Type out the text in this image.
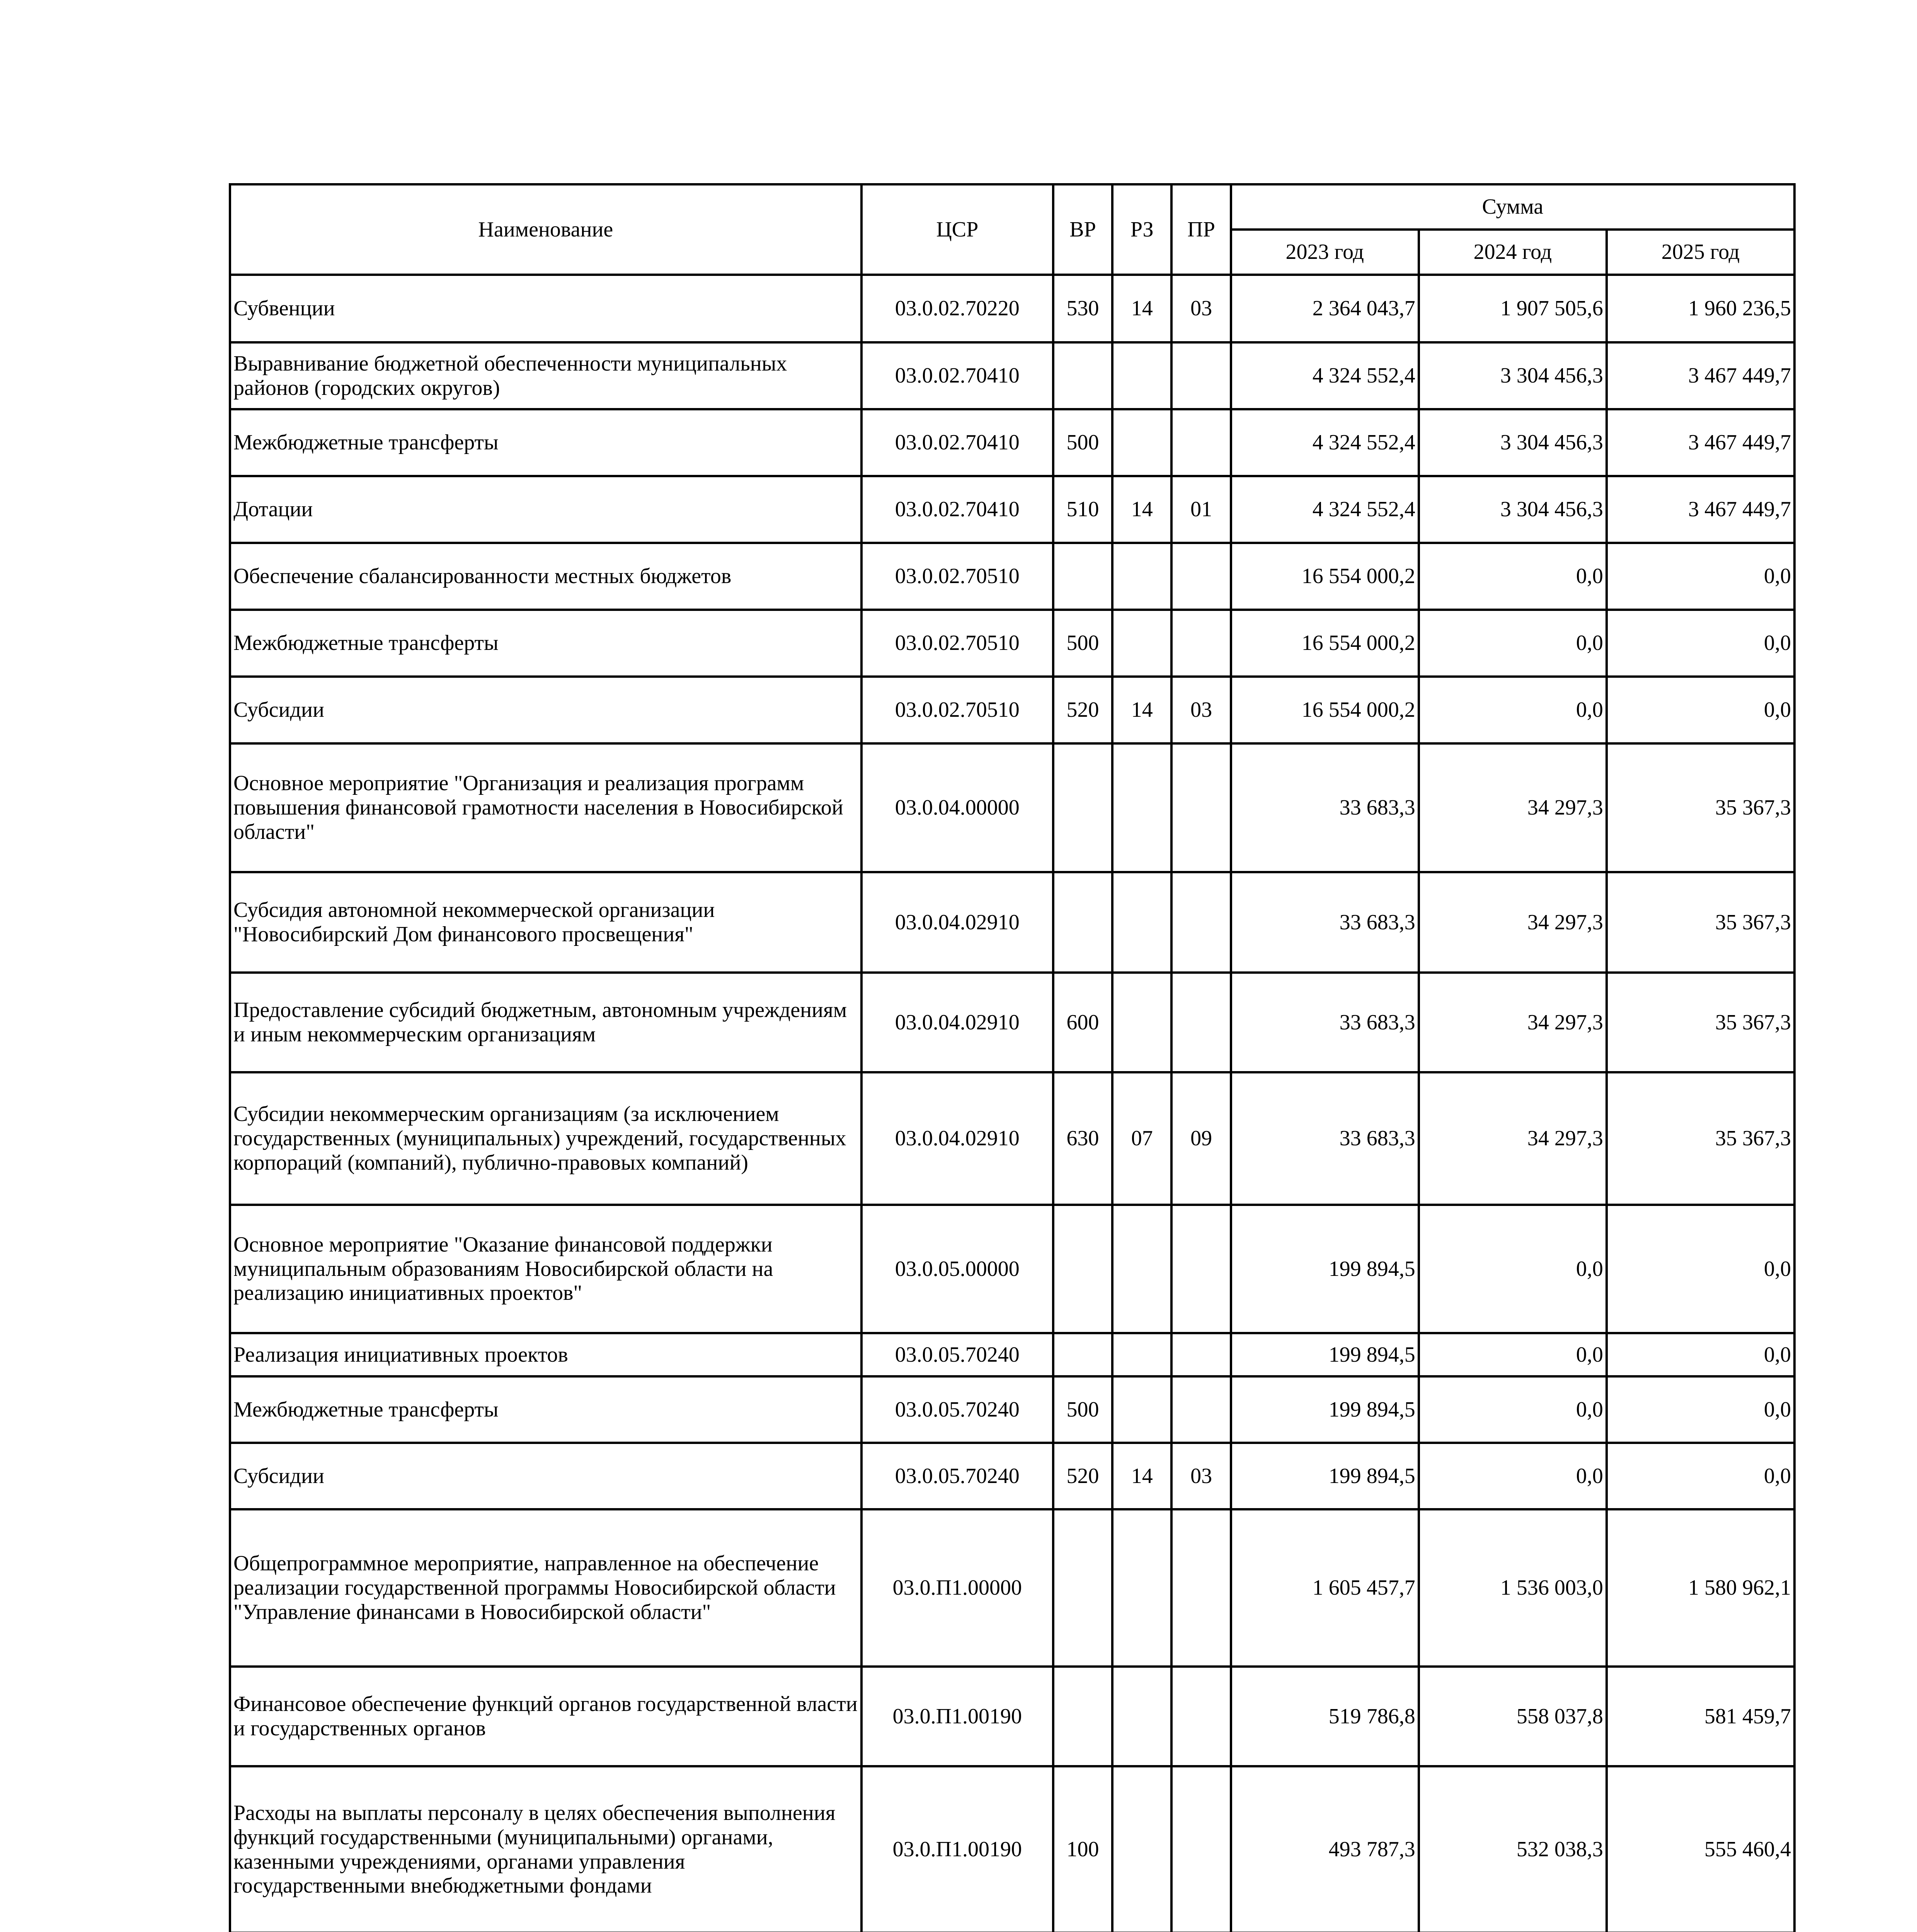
Наименование	ЦСР	ВР	РЗ	ПР	Сумма		
					2023 год	2024 год	2025 год
Субвенции	03.0.02.70220	530	14	03	2 364 043,7	1 907 505,6	1 960 236,5
Выравнивание бюджетной обеспеченности муниципальных районов (городских округов)	03.0.02.70410				4 324 552,4	3 304 456,3	3 467 449,7
Межбюджетные трансферты	03.0.02.70410	500			4 324 552,4	3 304 456,3	3 467 449,7
Дотации	03.0.02.70410	510	14	01	4 324 552,4	3 304 456,3	3 467 449,7
Обеспечение сбалансированности местных бюджетов	03.0.02.70510				16 554 000,2	0,0	0,0
Межбюджетные трансферты	03.0.02.70510	500			16 554 000,2	0,0	0,0
Субсидии	03.0.02.70510	520	14	03	16 554 000,2	0,0	0,0
Основное мероприятие "Организация и реализация программ повышения финансовой грамотности населения в Новосибирской области"	03.0.04.00000				33 683,3	34 297,3	35 367,3
Субсидия автономной некоммерческой организации "Новосибирский Дом финансового просвещения"	03.0.04.02910				33 683,3	34 297,3	35 367,3
Предоставление субсидий бюджетным, автономным учреждениям и иным некоммерческим организациям	03.0.04.02910	600			33 683,3	34 297,3	35 367,3
Субсидии некоммерческим организациям (за исключением государственных (муниципальных) учреждений, государственных корпораций (компаний), публично-правовых компаний)	03.0.04.02910	630	07	09	33 683,3	34 297,3	35 367,3
Основное мероприятие "Оказание финансовой поддержки муниципальным образованиям Новосибирской области на реализацию инициативных проектов"	03.0.05.00000				199 894,5	0,0	0,0
Реализация инициативных проектов	03.0.05.70240				199 894,5	0,0	0,0
Межбюджетные трансферты	03.0.05.70240	500			199 894,5	0,0	0,0
Субсидии	03.0.05.70240	520	14	03	199 894,5	0,0	0,0
Общепрограммное мероприятие, направленное на обеспечение реализации государственной программы Новосибирской области "Управление финансами в Новосибирской области"	03.0.П1.00000				1 605 457,7	1 536 003,0	1 580 962,1
Финансовое обеспечение функций органов государственной власти и государственных органов	03.0.П1.00190				519 786,8	558 037,8	581 459,7
Расходы на выплаты персоналу в целях обеспечения выполнения функций государственными (муниципальными) органами, казенными учреждениями, органами управления государственными внебюджетными фондами	03.0.П1.00190	100			493 787,3	532 038,3	555 460,4
